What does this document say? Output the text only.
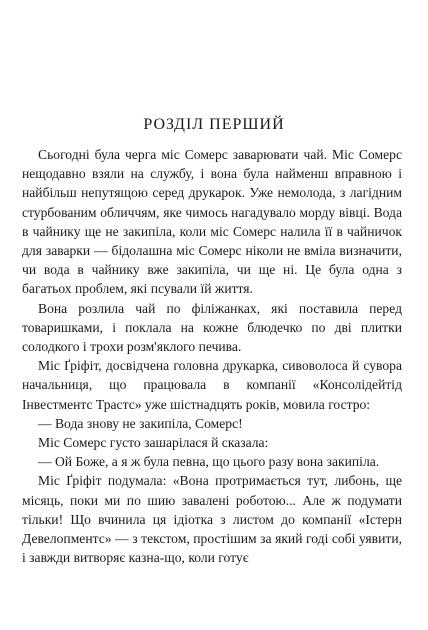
РОЗДІЛ ПЕРШИЙ

Сьогодні була черга міс Сомерс заварювати чай. Міс Сомерс нещодавно взяли на службу, і вона була найменш вправною і найбільш непутящою серед друкарок. Уже немолода, з лагідним стурбованим обличчям, яке чимось нагадувало морду вівці. Вода в чайнику ще не закипіла, коли міс Сомерс налила її в чайничок для заварки — бідолашна міс Сомерс ніколи не вміла визначити, чи вода в чайнику вже закипіла, чи ще ні. Це була одна з багатьох проблем, які псували їй життя.

Вона розлила чай по філіжанках, які поставила перед товаришками, і поклала на кожне блюдечко по дві плитки солодкого і трохи розм'яклого печива.

Міс Ґріфіт, досвідчена головна друкарка, сивоволоса й сувора начальниця, що працювала в компанії «Консолідейтід Інвестментс Трастс» уже шістнадцять років, мовила гостро:

— Вода знову не закипіла, Сомерс!

Міс Сомерс густо зашарілася й сказала:

— Ой Боже, а я ж була певна, що цього разу вона закипіла.

Міс Ґріфіт подумала: «Вона протримається тут, либонь, ще місяць, поки ми по шию завалені роботою... Але ж подумати тільки! Що вчинила ця ідіотка з листом до компанії «Істерн Девелопментс» — з текстом, простішим за який годі собі уявити, і завжди витворяє казна-що, коли готує
